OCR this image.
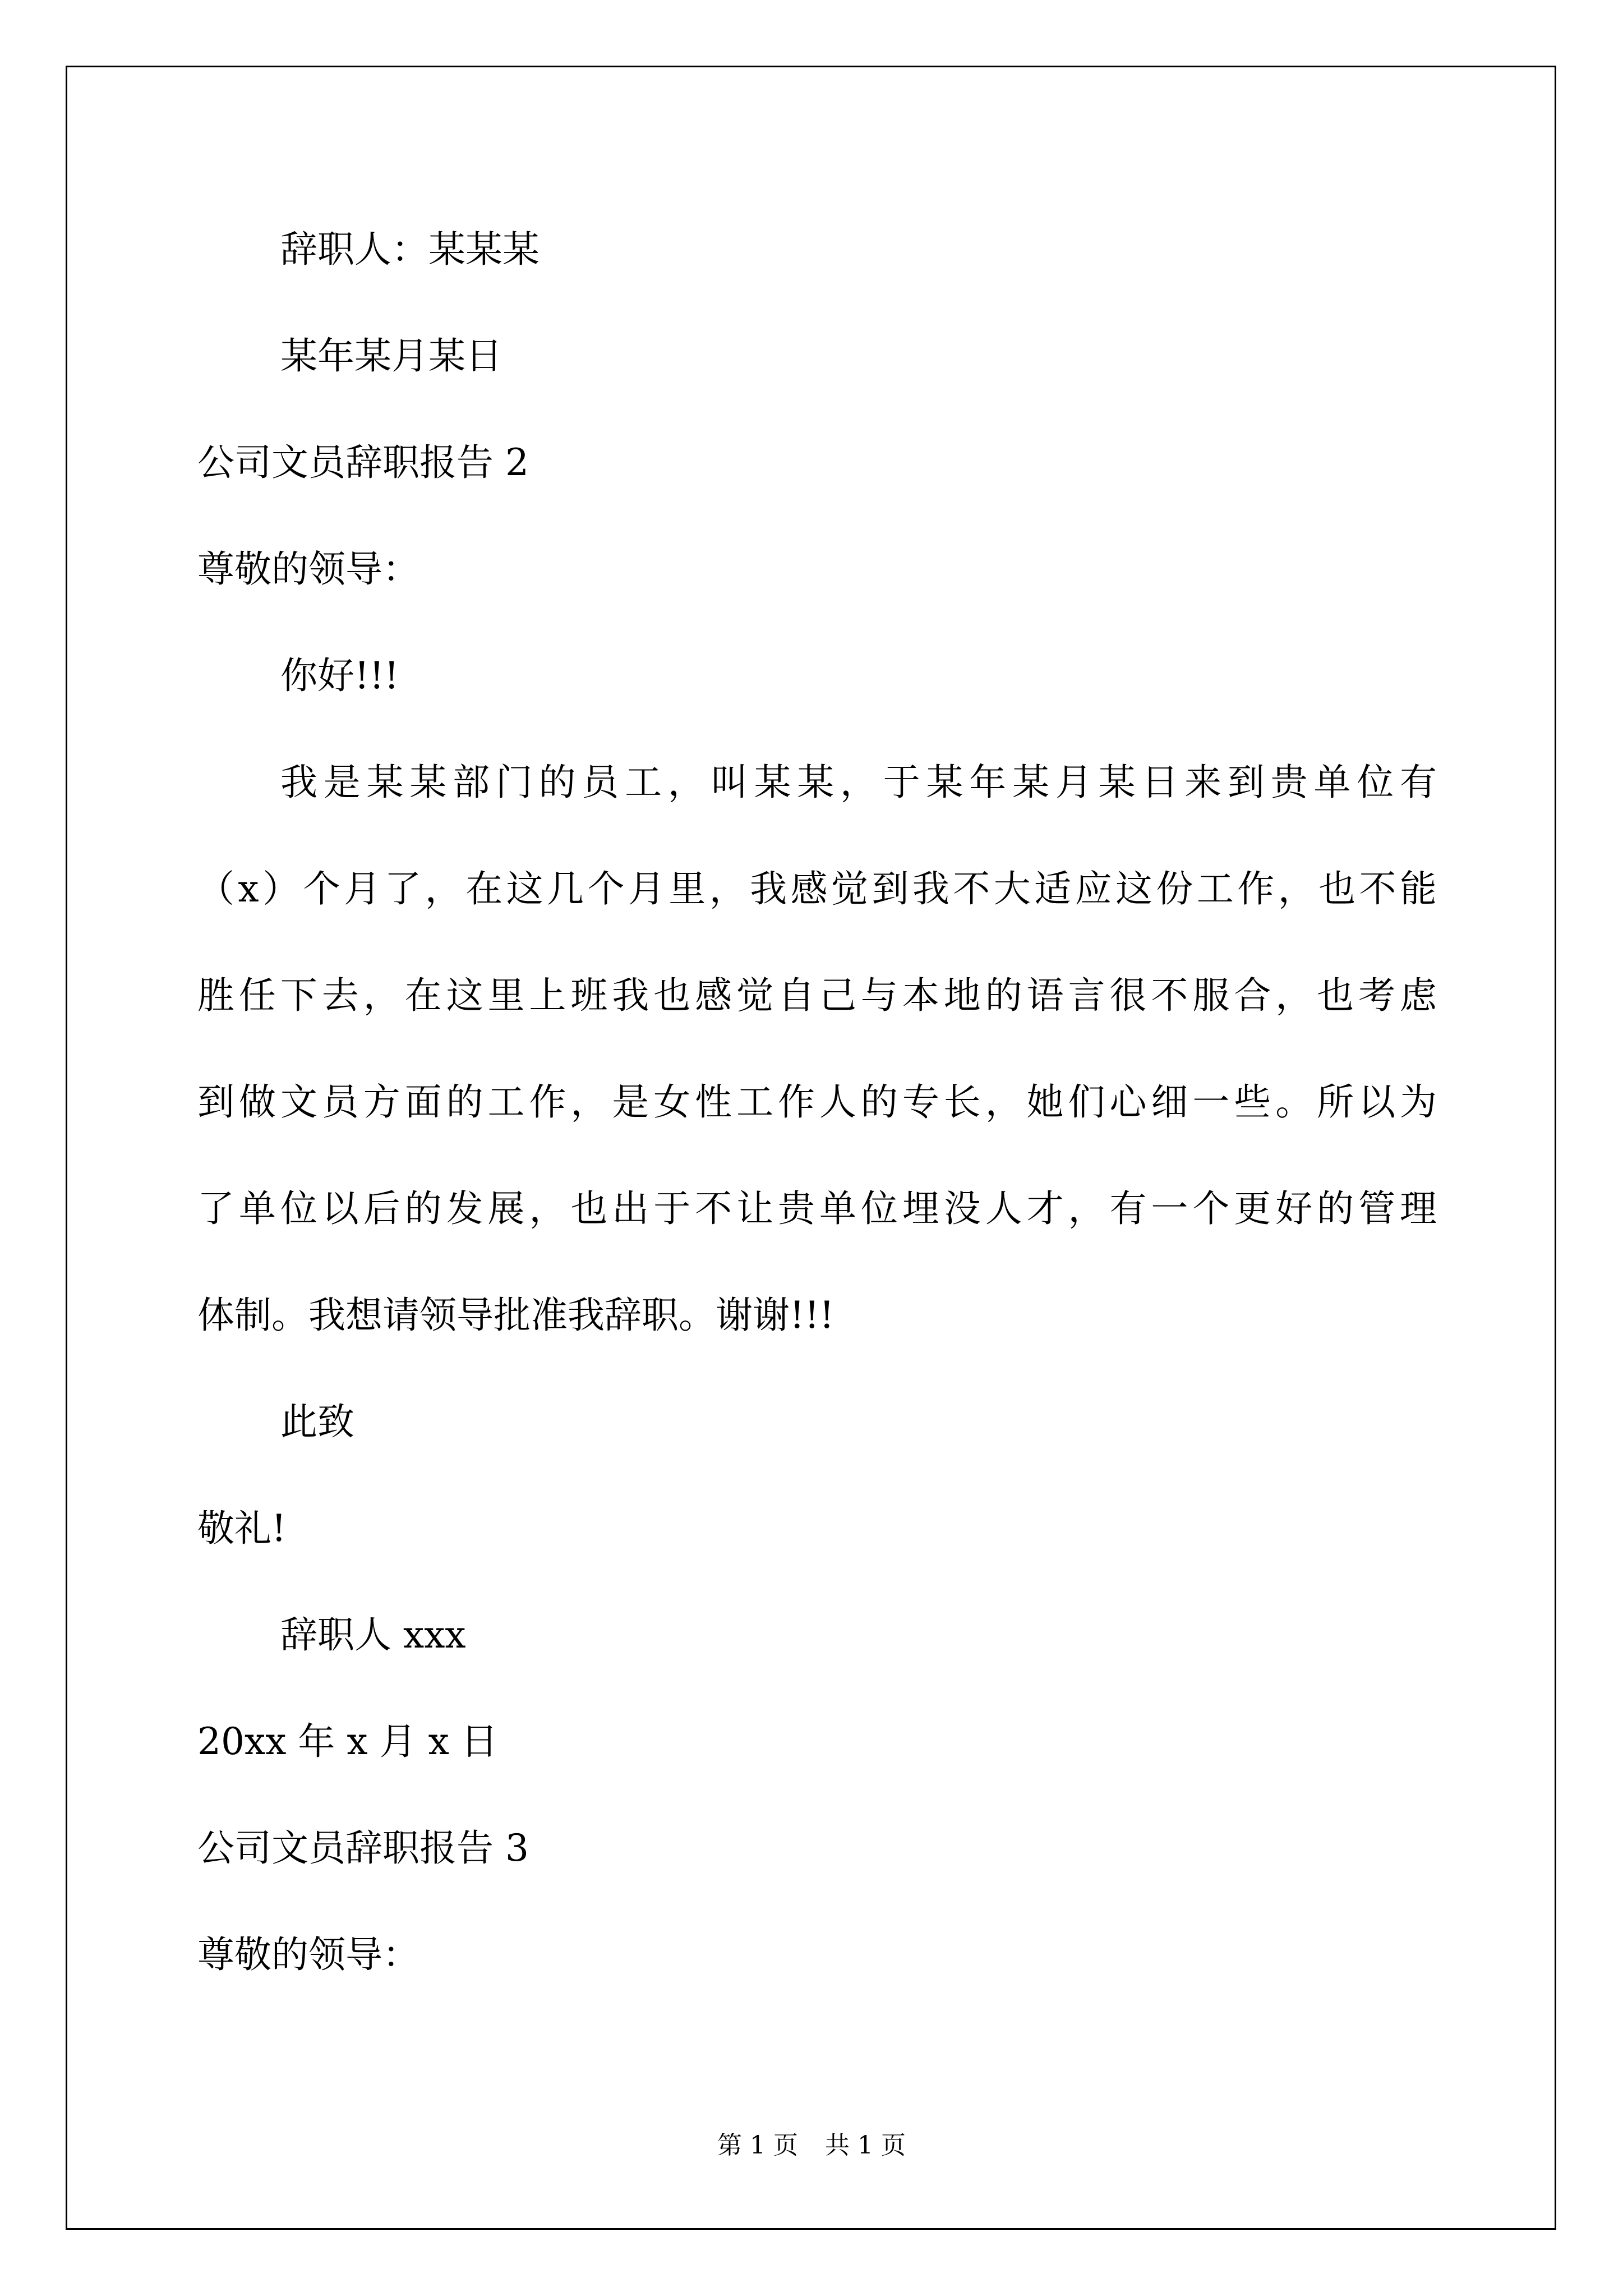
辞职人：某某某
某年某月某日
公司文员辞职报告 2
尊敬的领导：
你好!!!
我是某某部门的员工，叫某某，于某年某月某日来到贵单位有
（x）个月了，在这几个月里，我感觉到我不大适应这份工作，也不能
胜任下去，在这里上班我也感觉自己与本地的语言很不服合，也考虑
到做文员方面的工作，是女性工作人的专长，她们心细一些。所以为
了单位以后的发展，也出于不让贵单位埋没人才，有一个更好的管理
体制。我想请领导批准我辞职。谢谢!!!
此致
敬礼!
辞职人 xxx
20xx 年 x 月 x 日
公司文员辞职报告 3
尊敬的领导：
第 1 页 共 1 页
